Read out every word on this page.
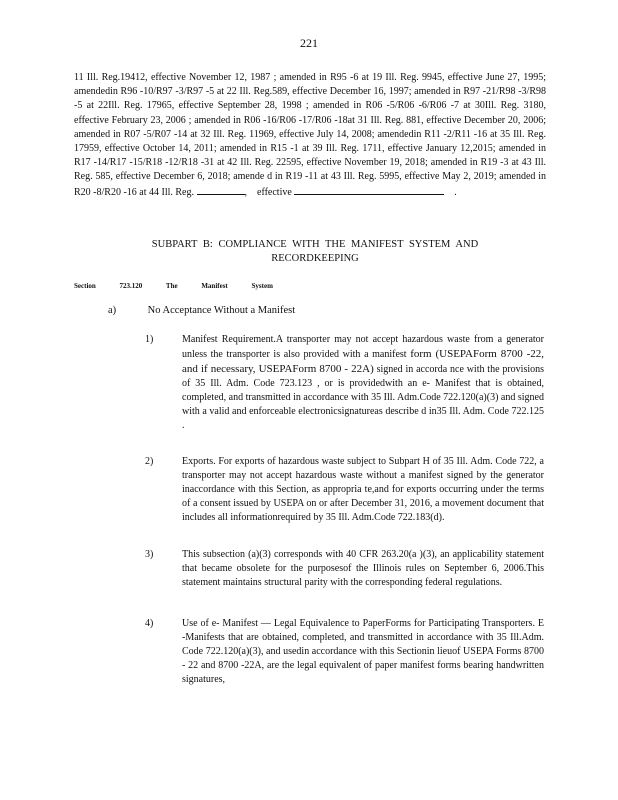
221
11 Ill. Reg.19412, effective November 12, 1987 ; amended in R95 -6 at 19 Ill. Reg. 9945, effective June 27, 1995; amendedin R96 -10/R97 -3/R97 -5 at 22 Ill. Reg.589, effective December 16, 1997; amended in R97 -21/R98 -3/R98 -5 at 22Ill. Reg. 17965, effective September 28, 1998 ; amended in R06 -5/R06 -6/R06 -7 at 30Ill. Reg. 3180, effective February 23, 2006 ; amended in R06 -16/R06 -17/R06 -18at 31 Ill. Reg. 881, effective December 20, 2006; amended in R07 -5/R07 -14 at 32 Ill. Reg. 11969, effective July 14, 2008; amendedin R11 -2/R11 -16 at 35 Ill. Reg. 17959, effective October 14, 2011; amended in R15 -1 at 39 Ill. Reg. 1711, effective January 12,2015; amended in R17 -14/R17 -15/R18 -12/R18 -31 at 42 Ill. Reg. 22595, effective November 19, 2018; amended in R19 -3 at 43 Ill. Reg. 585, effective December 6, 2018; amende d in R19 -11 at 43 Ill. Reg. 5995, effective May 2, 2019; amended in R20 -8/R20 -16 at 44 Ill. Reg.	, effective	.
SUBPART B: COMPLIANCE WITH THE MANIFEST SYSTEM AND
RECORDKEEPING
Section	723.120	The	Manifest	System
a)	No Acceptance Without a Manifest
1)	Manifest Requirement.A transporter may not accept hazardous waste from a generator unless the transporter is also provided with a manifest form (USEPAForm 8700 -22, and if necessary, USEPAForm 8700 - 22A) signed in accorda nce with the provisions of 35 Ill. Adm. Code 723.123 , or is providedwith an e- Manifest that is obtained, completed, and transmitted in accordance with 35 Ill. Adm.Code 722.120(a)(3) and signed with a valid and enforceable electronicsignatureas describe d in35 Ill. Adm. Code 722.125 .
2)	Exports. For exports of hazardous waste subject to Subpart H of 35 Ill. Adm. Code 722, a transporter may not accept hazardous waste without a manifest signed by the generator inaccordance with this Section, as appropria te,and for exports occurring under the terms of a consent issued by USEPA on or after December 31, 2016, a movement document that includes all informationrequired by 35 Ill. Adm.Code 722.183(d).
3)	This subsection (a)(3) corresponds with 40 CFR 263.20(a )(3), an applicability statement that became obsolete for the purposesof the Illinois rules on September 6, 2006.This statement maintains structural parity with the corresponding federal regulations.
4)	Use of e- Manifest — Legal Equivalence to PaperForms for Participating Transporters. E -Manifests that are obtained, completed, and transmitted in accordance with 35 Ill.Adm. Code 722.120(a)(3), and usedin accordance with this Sectionin lieuof USEPA Forms 8700 - 22 and 8700 -22A, are the legal equivalent of paper manifest forms bearing handwritten signatures,
